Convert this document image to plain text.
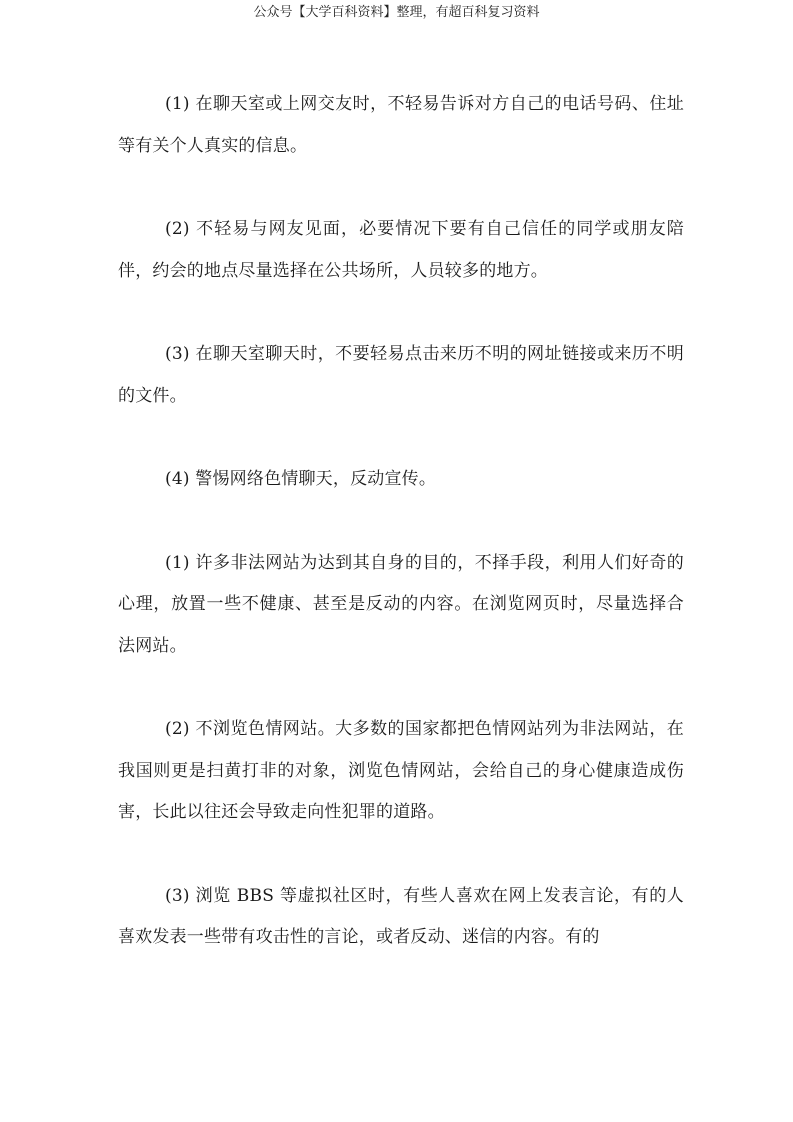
公众号【大学百科资料】整理，有超百科复习资料

(1) 在聊天室或上网交友时，不轻易告诉对方自己的电话号码、住址等有关个人真实的信息。

(2) 不轻易与网友见面，必要情况下要有自己信任的同学或朋友陪伴，约会的地点尽量选择在公共场所，人员较多的地方。

(3) 在聊天室聊天时，不要轻易点击来历不明的网址链接或来历不明的文件。

(4) 警惕网络色情聊天，反动宣传。

(1) 许多非法网站为达到其自身的目的，不择手段，利用人们好奇的心理，放置一些不健康、甚至是反动的内容。在浏览网页时，尽量选择合法网站。

(2) 不浏览色情网站。大多数的国家都把色情网站列为非法网站，在我国则更是扫黄打非的对象，浏览色情网站，会给自己的身心健康造成伤害，长此以往还会导致走向性犯罪的道路。

(3) 浏览 BBS 等虚拟社区时，有些人喜欢在网上发表言论，有的人喜欢发表一些带有攻击性的言论，或者反动、迷信的内容。有的
